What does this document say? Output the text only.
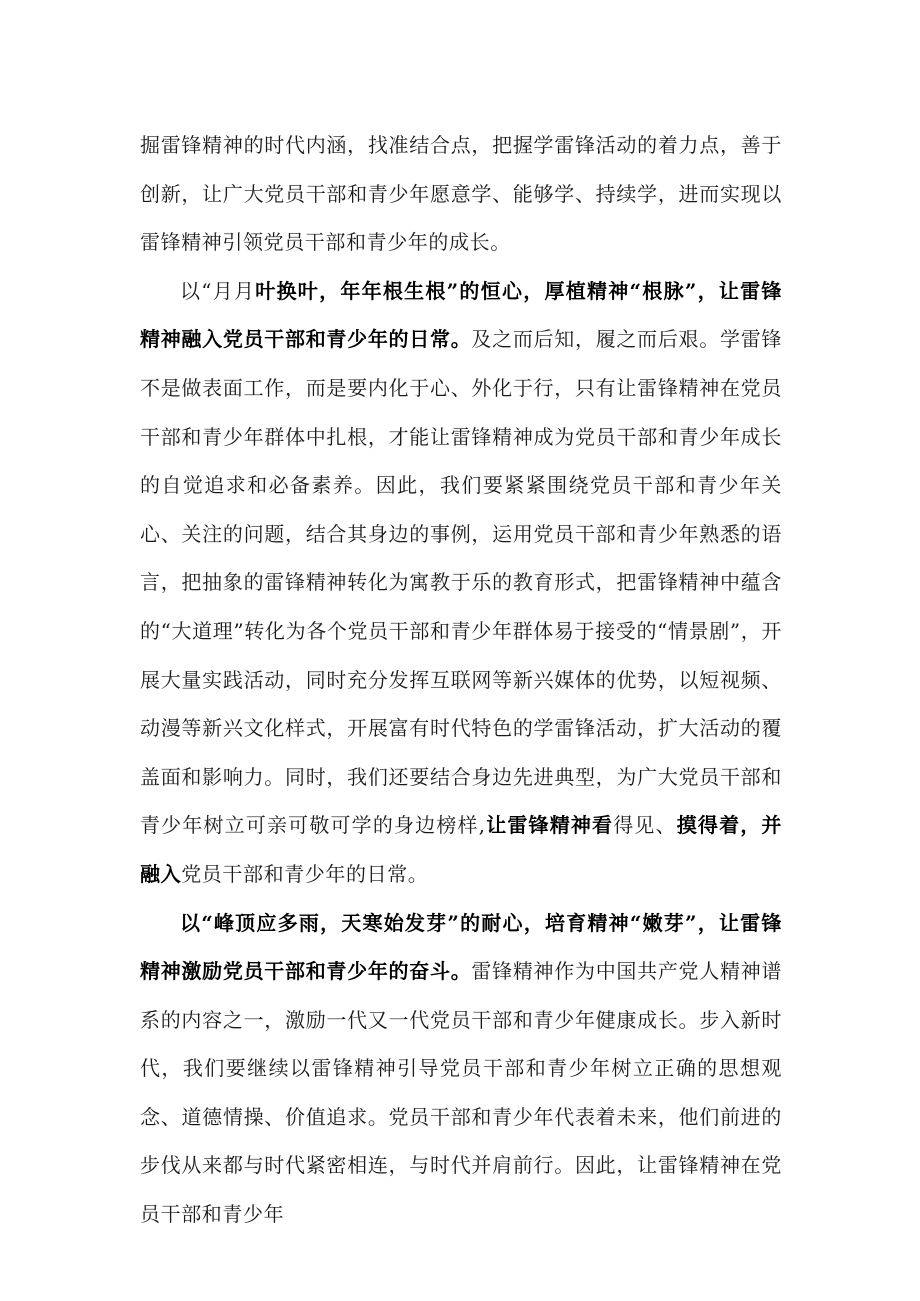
掘雷锋精神的时代内涵，找准结合点，把握学雷锋活动的着力点，善于创新，让广大党员干部和青少年愿意学、能够学、持续学，进而实现以雷锋精神引领党员干部和青少年的成长。

以“月月叶换叶，年年根生根”的恒心，厚植精神“根脉”，让雷锋精神融入党员干部和青少年的日常。及之而后知，履之而后艰。学雷锋不是做表面工作，而是要内化于心、外化于行，只有让雷锋精神在党员干部和青少年群体中扎根，才能让雷锋精神成为党员干部和青少年成长的自觉追求和必备素养。因此，我们要紧紧围绕党员干部和青少年关心、关注的问题，结合其身边的事例，运用党员干部和青少年熟悉的语言，把抽象的雷锋精神转化为寓教于乐的教育形式，把雷锋精神中蕴含的“大道理”转化为各个党员干部和青少年群体易于接受的“情景剧”，开展大量实践活动，同时充分发挥互联网等新兴媒体的优势，以短视频、动漫等新兴文化样式，开展富有时代特色的学雷锋活动，扩大活动的覆盖面和影响力。同时，我们还要结合身边先进典型，为广大党员干部和青少年树立可亲可敬可学的身边榜样,让雷锋精神看得见、摸得着，并融入党员干部和青少年的日常。

以“峰顶应多雨，天寒始发芽”的耐心，培育精神“嫩芽”，让雷锋精神激励党员干部和青少年的奋斗。雷锋精神作为中国共产党人精神谱系的内容之一，激励一代又一代党员干部和青少年健康成长。步入新时代，我们要继续以雷锋精神引导党员干部和青少年树立正确的思想观念、道德情操、价值追求。党员干部和青少年代表着未来，他们前进的步伐从来都与时代紧密相连，与时代并肩前行。因此，让雷锋精神在党员干部和青少年
